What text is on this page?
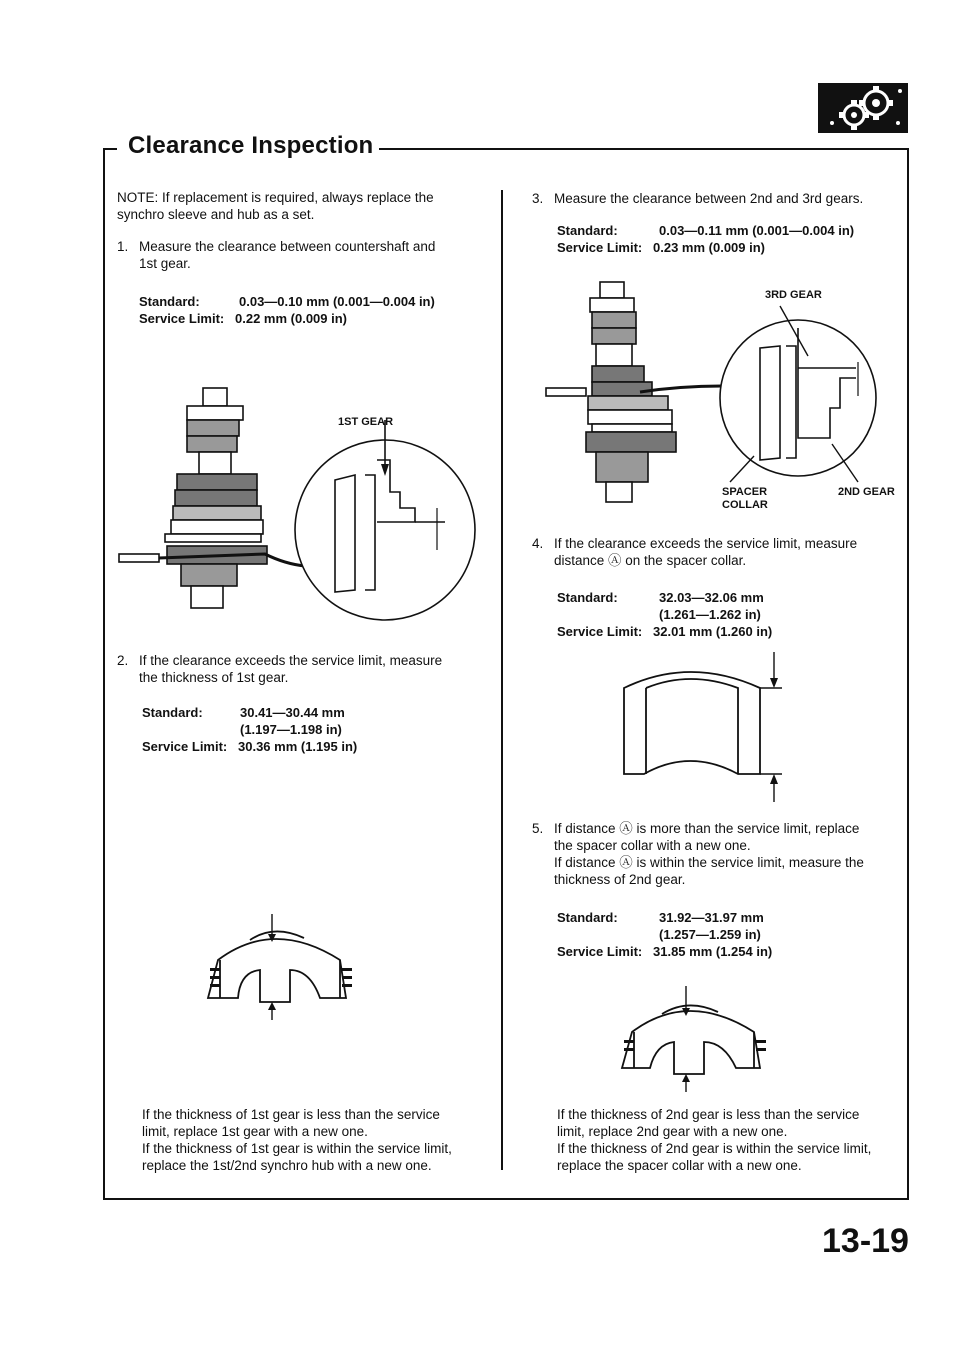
Clearance Inspection
NOTE: If replacement is required, always replace the synchro sleeve and hub as a set.
1. Measure the clearance between countershaft and
1st gear.
Standard:	0.03—0.10 mm (0.001—0.004 in)
Service Limit: 0.22 mm (0.009 in)
1ST GEAR
2. If the clearance exceeds the service limit, measure
the thickness of 1st gear.
Standard:	30.41—30.44 mm
(1.197—1.198 in)
Service Limit: 30.36 mm (1.195 in)
If the thickness of 1st gear is less than the service
limit, replace 1st gear with a new one.
If the thickness of 1st gear is within the service limit,
replace the 1st/2nd synchro hub with a new one.
3. Measure the clearance between 2nd and 3rd gears.
Standard:	0.03—0.11 mm (0.001—0.004 in)
Service Limit: 0.23 mm (0.009 in)
3RD GEAR
SPACER
COLLAR
2ND GEAR
4. If the clearance exceeds the service limit, measure
distance Ⓐ on the spacer collar.
Standard:	32.03—32.06 mm
(1.261—1.262 in)
Service Limit: 32.01 mm (1.260 in)
5. If distance Ⓐ is more than the service limit, replace
the spacer collar with a new one.
If distance Ⓐ is within the service limit, measure the
thickness of 2nd gear.
Standard:	31.92—31.97 mm
(1.257—1.259 in)
Service Limit: 31.85 mm (1.254 in)
If the thickness of 2nd gear is less than the service
limit, replace 2nd gear with a new one.
If the thickness of 2nd gear is within the service limit,
replace the spacer collar with a new one.
13-19
